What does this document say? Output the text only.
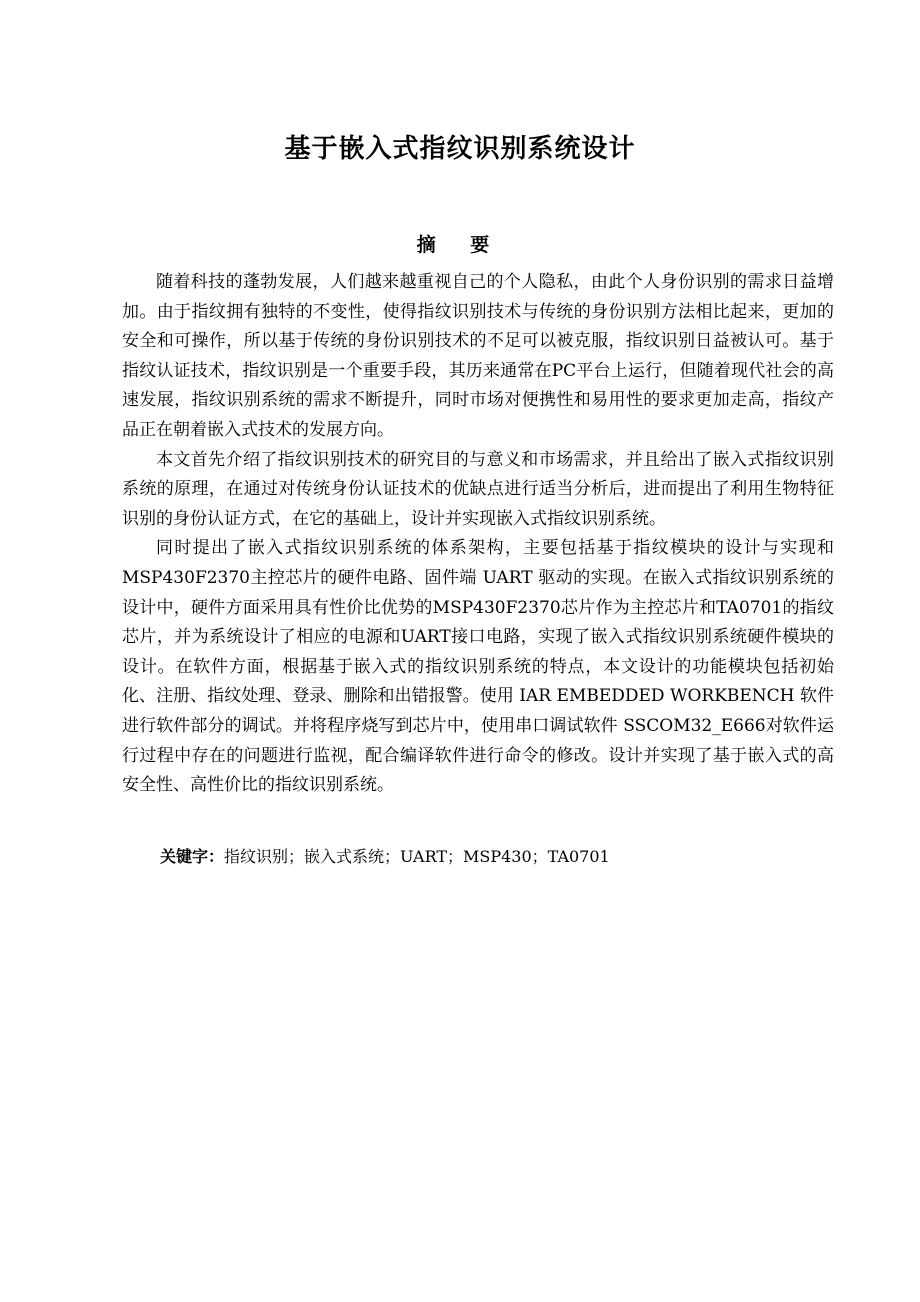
基于嵌入式指纹识别系统设计
摘 要

随着科技的蓬勃发展，人们越来越重视自己的个人隐私，由此个人身份识别的需求日益增加。由于指纹拥有独特的不变性，使得指纹识别技术与传统的身份识别方法相比起来，更加的安全和可操作，所以基于传统的身份识别技术的不足可以被克服，指纹识别日益被认可。基于指纹认证技术，指纹识别是一个重要手段，其历来通常在PC平台上运行，但随着现代社会的高速发展，指纹识别系统的需求不断提升，同时市场对便携性和易用性的要求更加走高，指纹产品正在朝着嵌入式技术的发展方向。

本文首先介绍了指纹识别技术的研究目的与意义和市场需求，并且给出了嵌入式指纹识别系统的原理，在通过对传统身份认证技术的优缺点进行适当分析后，进而提出了利用生物特征识别的身份认证方式，在它的基础上，设计并实现嵌入式指纹识别系统。

同时提出了嵌入式指纹识别系统的体系架构，主要包括基于指纹模块的设计与实现和MSP430F2370主控芯片的硬件电路、固件端 UART 驱动的实现。在嵌入式指纹识别系统的设计中，硬件方面采用具有性价比优势的MSP430F2370芯片作为主控芯片和TA0701的指纹芯片，并为系统设计了相应的电源和UART接口电路，实现了嵌入式指纹识别系统硬件模块的设计。在软件方面，根据基于嵌入式的指纹识别系统的特点，本文设计的功能模块包括初始化、注册、指纹处理、登录、删除和出错报警。使用 IAR EMBEDDED WORKBENCH 软件进行软件部分的调试。并将程序烧写到芯片中，使用串口调试软件 SSCOM32_E666对软件运行过程中存在的问题进行监视，配合编译软件进行命令的修改。设计并实现了基于嵌入式的高安全性、高性价比的指纹识别系统。

关键字：指纹识别；嵌入式系统；UART；MSP430；TA0701
